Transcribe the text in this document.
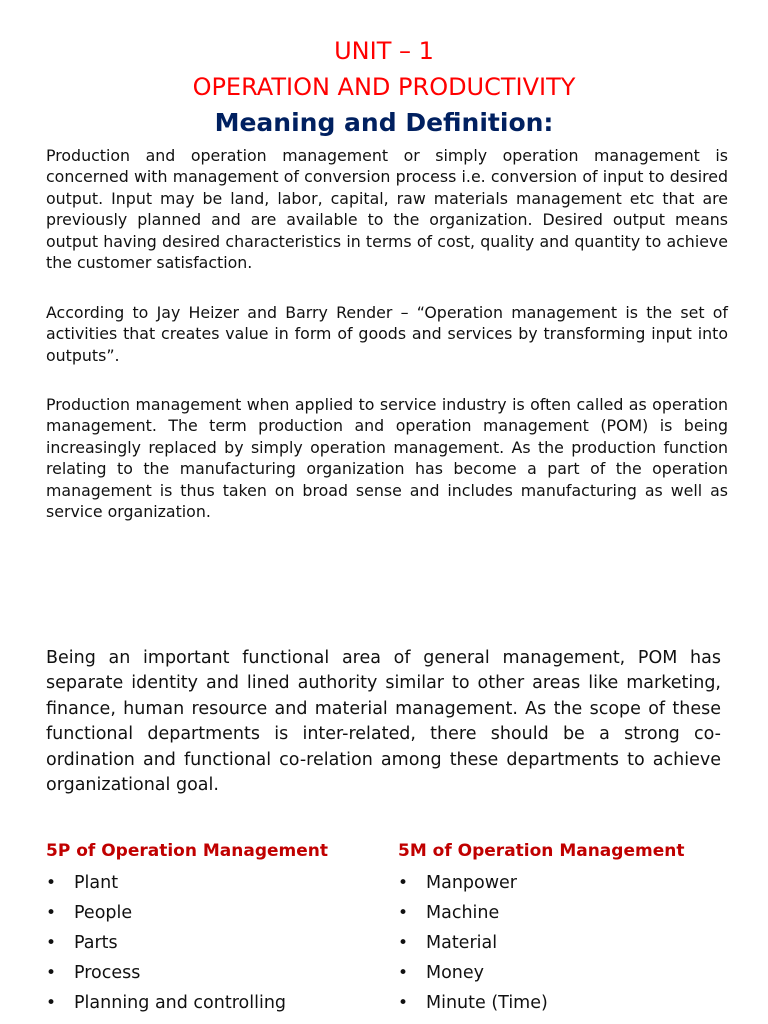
UNIT – 1
OPERATION AND PRODUCTIVITY
Meaning and Definition:

Production and operation management or simply operation management is concerned with management of conversion process i.e. conversion of input to desired output. Input may be land, labor, capital, raw materials management etc that are previously planned and are available to the organization. Desired output means output having desired characteristics in terms of cost, quality and quantity to achieve the customer satisfaction.

According to Jay Heizer and Barry Render – “Operation management is the set of activities that creates value in form of goods and services by transforming input into outputs”.

Production management when applied to service industry is often called as operation management. The term production and operation management (POM) is being increasingly replaced by simply operation management. As the production function relating to the manufacturing organization has become a part of the operation management is thus taken on broad sense and includes manufacturing as well as service organization.

Being an important functional area of general management, POM has separate identity and lined authority similar to other areas like marketing, finance, human resource and material management. As the scope of these functional departments is inter-related, there should be a strong co-ordination and functional co-relation among these departments to achieve organizational goal.

5P of Operation Management
• Plant
• People
• Parts
• Process
• Planning and controlling
5M of Operation Management
• Manpower
• Machine
• Material
• Money
• Minute (Time)
